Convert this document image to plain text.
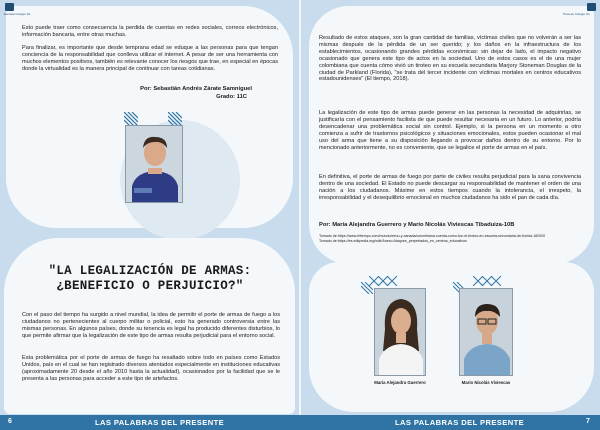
Escuela Colegio JG

Esto puede traer como consecuencia la perdida de cuentas en redes sociales, correos electrónicos, información bancaria, entre otras muchas.

Para finalizar, es importante que desde temprana edad se eduque a las personas para que tengan conciencia de la responsabilidad que conlleva utilizar el internet. A pesar de ser una herramienta con muchos elementos positivos, también es relevante conocer los riesgos que trae, en especial en épocas donde la virtualidad es la manera principal de continuar con tareas cotidianas.

Por: Sebastián Andrés Zárate Samniguel
Grado: 11C
"LA LEGALIZACIÓN DE ARMAS:
¿BENEFICIO O PERJUICIO?"

Con el paso del tiempo ha surgido a nivel mundial, la idea de permitir el porte de armas de fuego a los ciudadanos no pertenecientes al cuerpo militar o policial, esto ha generado controversia entre las mismas personas. En algunos países, donde su tenencia es legal ha producido diferentes disturbios, lo que permite afirmar que la legalización de este tipo de armas resulta perjudicial para el entorno social.

Esta problemática por el porte de armas de fuego ha resaltado sobre todo en países como Estados Unidos, país en el cual se han registrado diversos atentados especialmente en instituciones educativas (aproximadamente 20 desde el año 2010 hasta la actualidad), ocasionados por la facilidad que se le presenta a las personas para acceder a este tipo de artefactos.

Proceso Colegio JG

Resultado de estos ataques, son la gran cantidad de familias, víctimas civiles que no volverán a ser las mismas después de la pérdida de un ser querido; y los daños en la infraestructura de los establecimientos, ocasionando grandes pérdidas económicas: sin dejar de lado, el impacto negativo ocasionado que genera este tipo de actos en la sociedad. Uno de estos casos es el de una mujer colombiana que cuenta cómo vivió un tiroteo en su escuela secundaria Marjory Stoneman Douglas de la ciudad de Parkland (Florida), "se trata del tercer incidente con víctimas mortales en centros educativos estadounidenses" (El tiempo, 2018).

La legalización de este tipo de armas puede generar en las personas la necesidad de adquirirlas, se justificaría con el pensamiento facilista de que puede resultar necesaria en un futuro. Lo anterior, podría desencadenar una problemática social sin control. Ejemplo, si la persona en un momento a otro comienza a sufrir de trastornos psicológicos y situaciones emocionales, estos pueden ocasionar el mal uso del arma que tiene a su disposición llegando a provocar daños dentro de su entorno. Por lo mencionado anteriormente, no es conveniente, que se legalice el porte de armas en el país.

En definitiva, el porte de armas de fuego por parte de civiles resulta perjudicial para la sana convivencia dentro de una sociedad. El Estado no puede descargar su responsabilidad de mantener el orden de una nación a los ciudadanos. Máxime en estos tiempos cuando la intolerancia, el irrespeto, la irresponsabilidad y el desequilibrio emocional en muchos ciudadanos ha sido el pan de cada día.

Por: María Alejandra Guerrero y Mario Nicolás Viviescas Tibaduiza-10B
Tomado de:https://www.eltiempo.com/mundo/eeuu-y-canada/colombiana-cuenta-como-fue-el-tiroteo-en-escuela-secundaria-de-florida-182000
Tomado de:https://es.wikipedia.org/wiki/Anexo:Ataques_perpetrados_en_centros_educativos
María Alejandra Guerrero	Mario Nicolás Viviescas
6	LAS PALABRAS DEL PRESENTE	LAS PALABRAS DEL PRESENTE	7
